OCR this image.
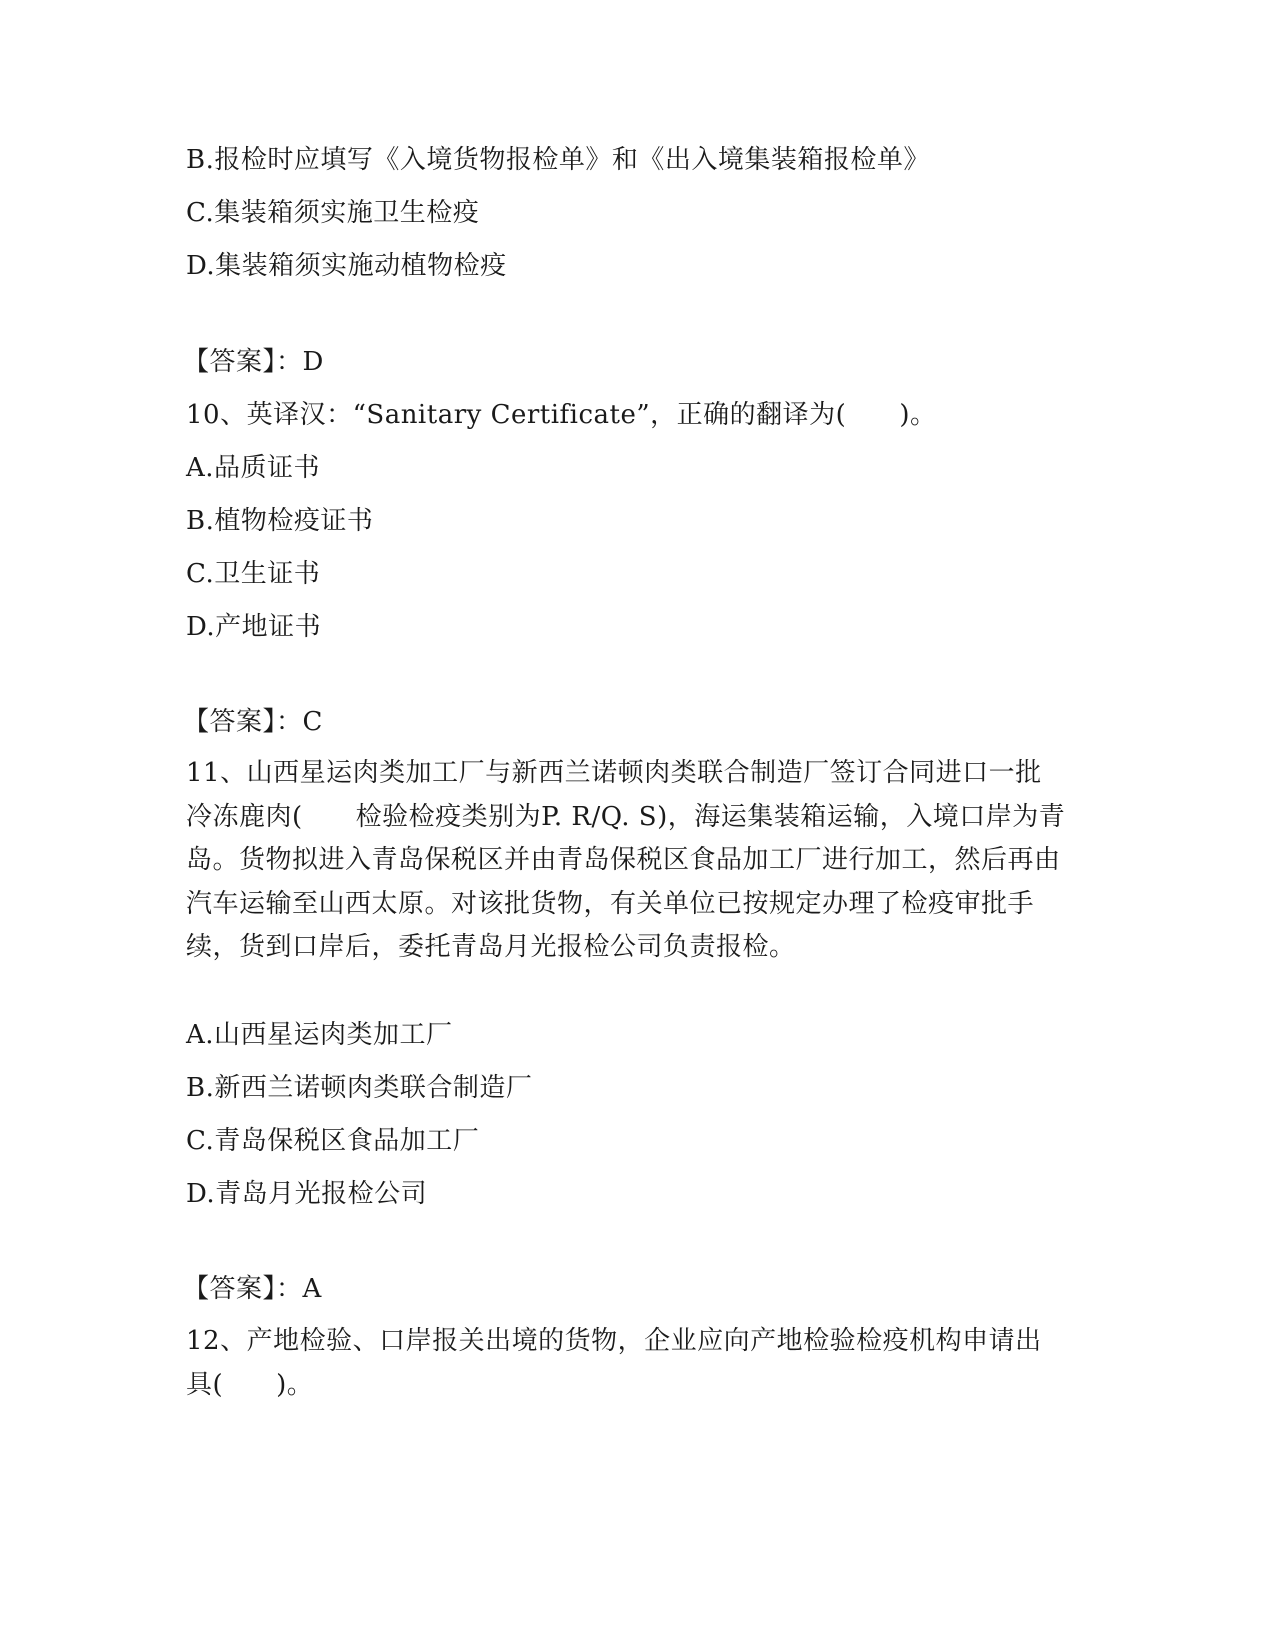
B.报检时应填写《入境货物报检单》和《出入境集装箱报检单》
C.集装箱须实施卫生检疫
D.集装箱须实施动植物检疫
【答案】：D
10、英译汉：“Sanitary Certificate”，正确的翻译为(　　)。
A.品质证书
B.植物检疫证书
C.卫生证书
D.产地证书
【答案】：C
11、山西星运肉类加工厂与新西兰诺顿肉类联合制造厂签订合同进口一批冷冻鹿肉(　　检验检疫类别为P. R/Q. S)，海运集装箱运输，入境口岸为青岛。货物拟进入青岛保税区并由青岛保税区食品加工厂进行加工，然后再由汽车运输至山西太原。对该批货物，有关单位已按规定办理了检疫审批手续，货到口岸后，委托青岛月光报检公司负责报检。
A.山西星运肉类加工厂
B.新西兰诺顿肉类联合制造厂
C.青岛保税区食品加工厂
D.青岛月光报检公司
【答案】：A
12、产地检验、口岸报关出境的货物，企业应向产地检验检疫机构申请出具(　　)。
